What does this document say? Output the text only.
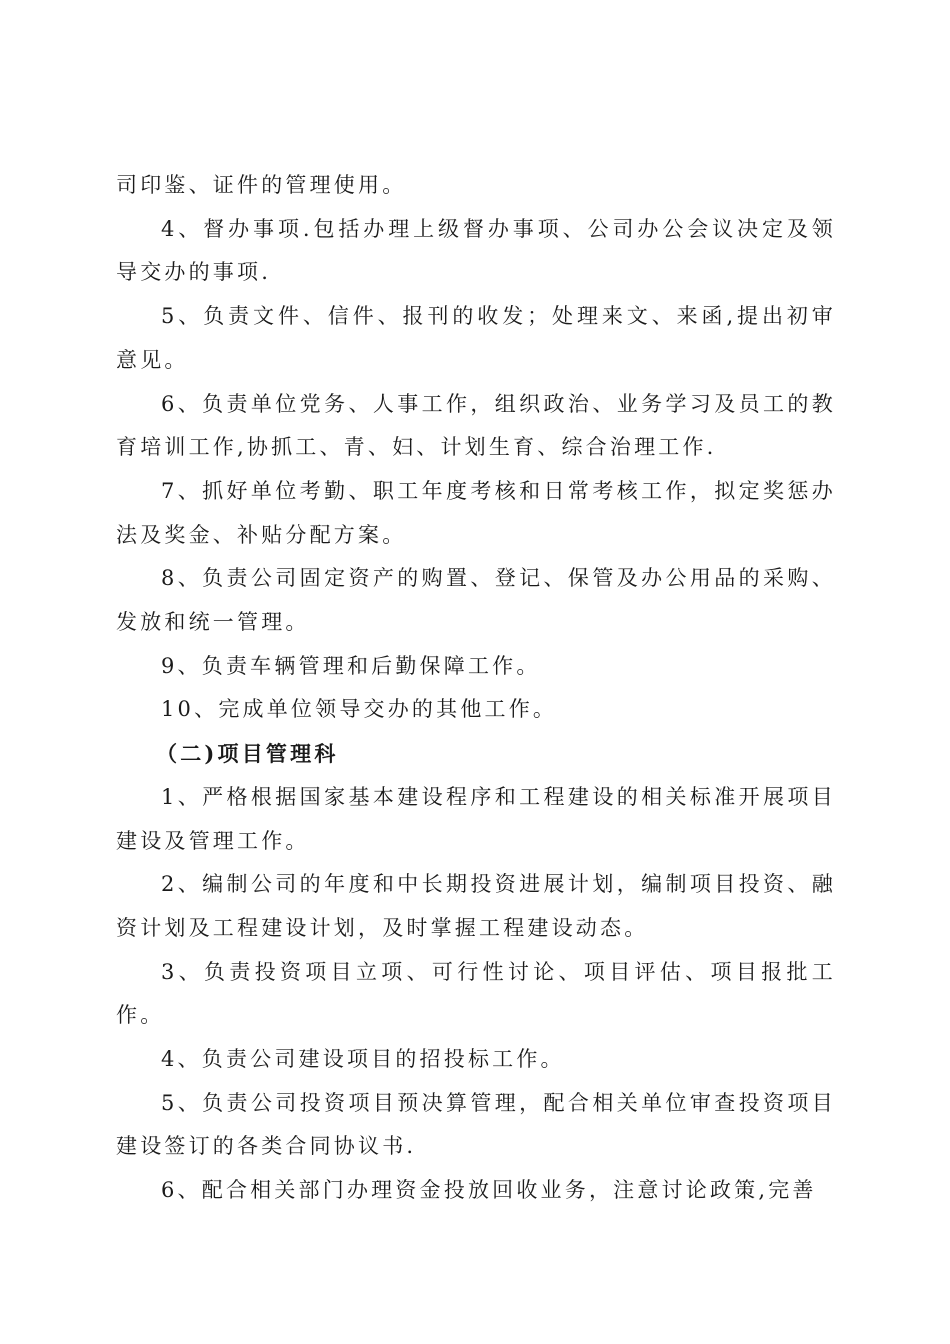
司印鉴、证件的管理使用。

4、督办事项.包括办理上级督办事项、公司办公会议决定及领导交办的事项.

5、负责文件、信件、报刊的收发；处理来文、来函,提出初审意见。

6、负责单位党务、人事工作，组织政治、业务学习及员工的教育培训工作,协抓工、青、妇、计划生育、综合治理工作.

7、抓好单位考勤、职工年度考核和日常考核工作，拟定奖惩办法及奖金、补贴分配方案。

8、负责公司固定资产的购置、登记、保管及办公用品的采购、发放和统一管理。

9、负责车辆管理和后勤保障工作。

10、完成单位领导交办的其他工作。

（二)项目管理科

1、严格根据国家基本建设程序和工程建设的相关标准开展项目建设及管理工作。

2、编制公司的年度和中长期投资进展计划，编制项目投资、融资计划及工程建设计划，及时掌握工程建设动态。

3、负责投资项目立项、可行性讨论、项目评估、项目报批工作。

4、负责公司建设项目的招投标工作。

5、负责公司投资项目预决算管理，配合相关单位审查投资项目建设签订的各类合同协议书.

6、配合相关部门办理资金投放回收业务，注意讨论政策,完善
